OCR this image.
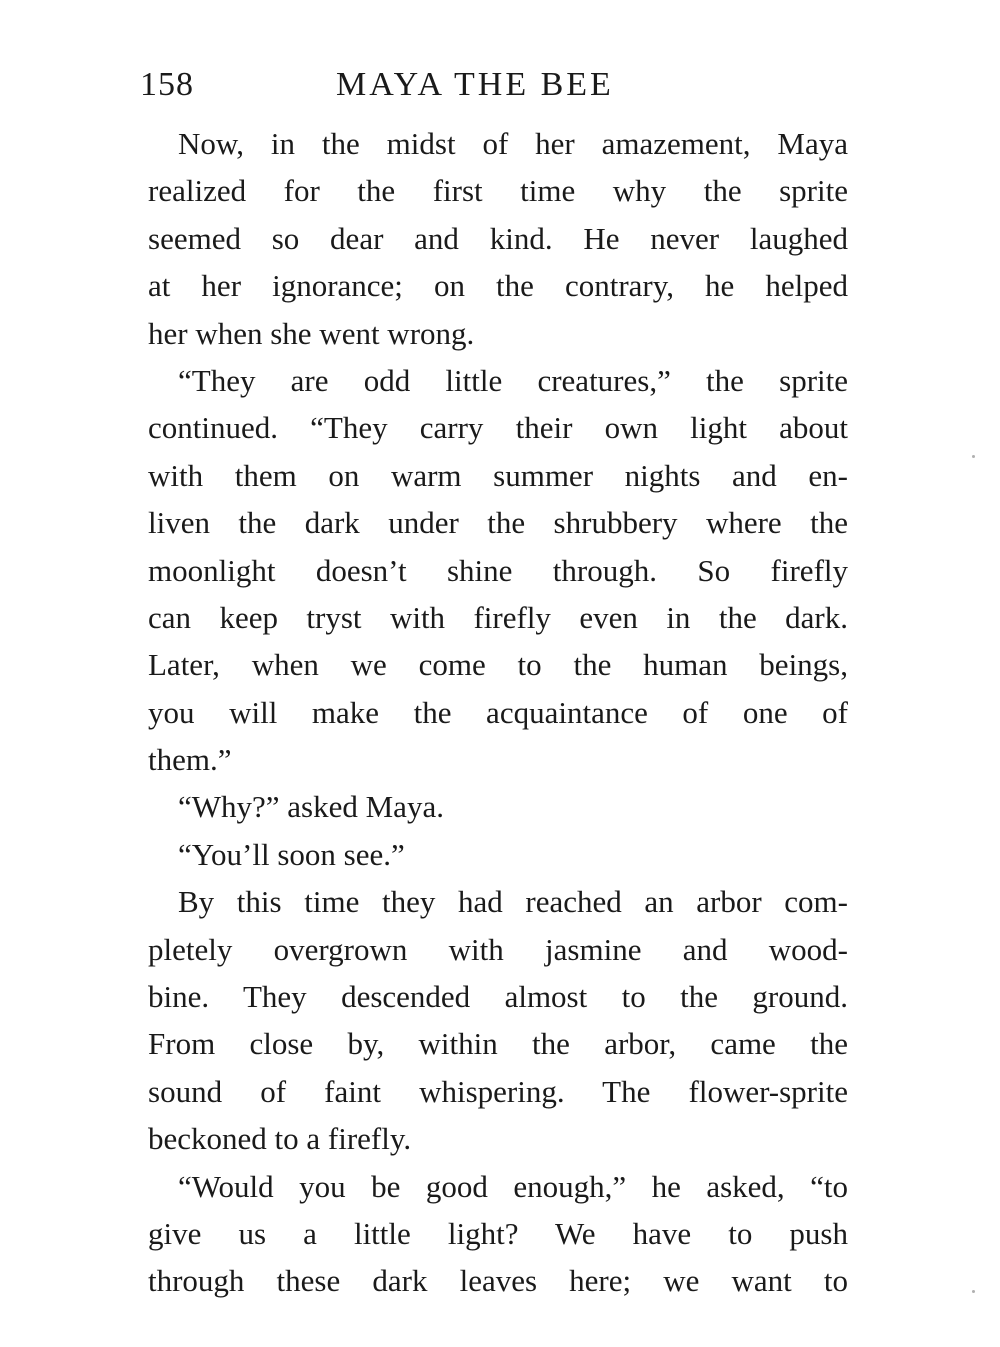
158	MAYA THE BEE
Now, in the midst of her amazement, Maya
realized for the first time why the sprite
seemed so dear and kind. He never laughed
at her ignorance; on the contrary, he helped
her when she went wrong.
“They are odd little creatures,” the sprite
continued. “They carry their own light about
with them on warm summer nights and en-
liven the dark under the shrubbery where the
moonlight doesn’t shine through. So firefly
can keep tryst with firefly even in the dark.
Later, when we come to the human beings,
you will make the acquaintance of one of
them.”
“Why?” asked Maya.
“You’ll soon see.”
By this time they had reached an arbor com-
pletely overgrown with jasmine and wood-
bine. They descended almost to the ground.
From close by, within the arbor, came the
sound of faint whispering. The flower-sprite
beckoned to a firefly.
“Would you be good enough,” he asked, “to
give us a little light? We have to push
through these dark leaves here; we want to
